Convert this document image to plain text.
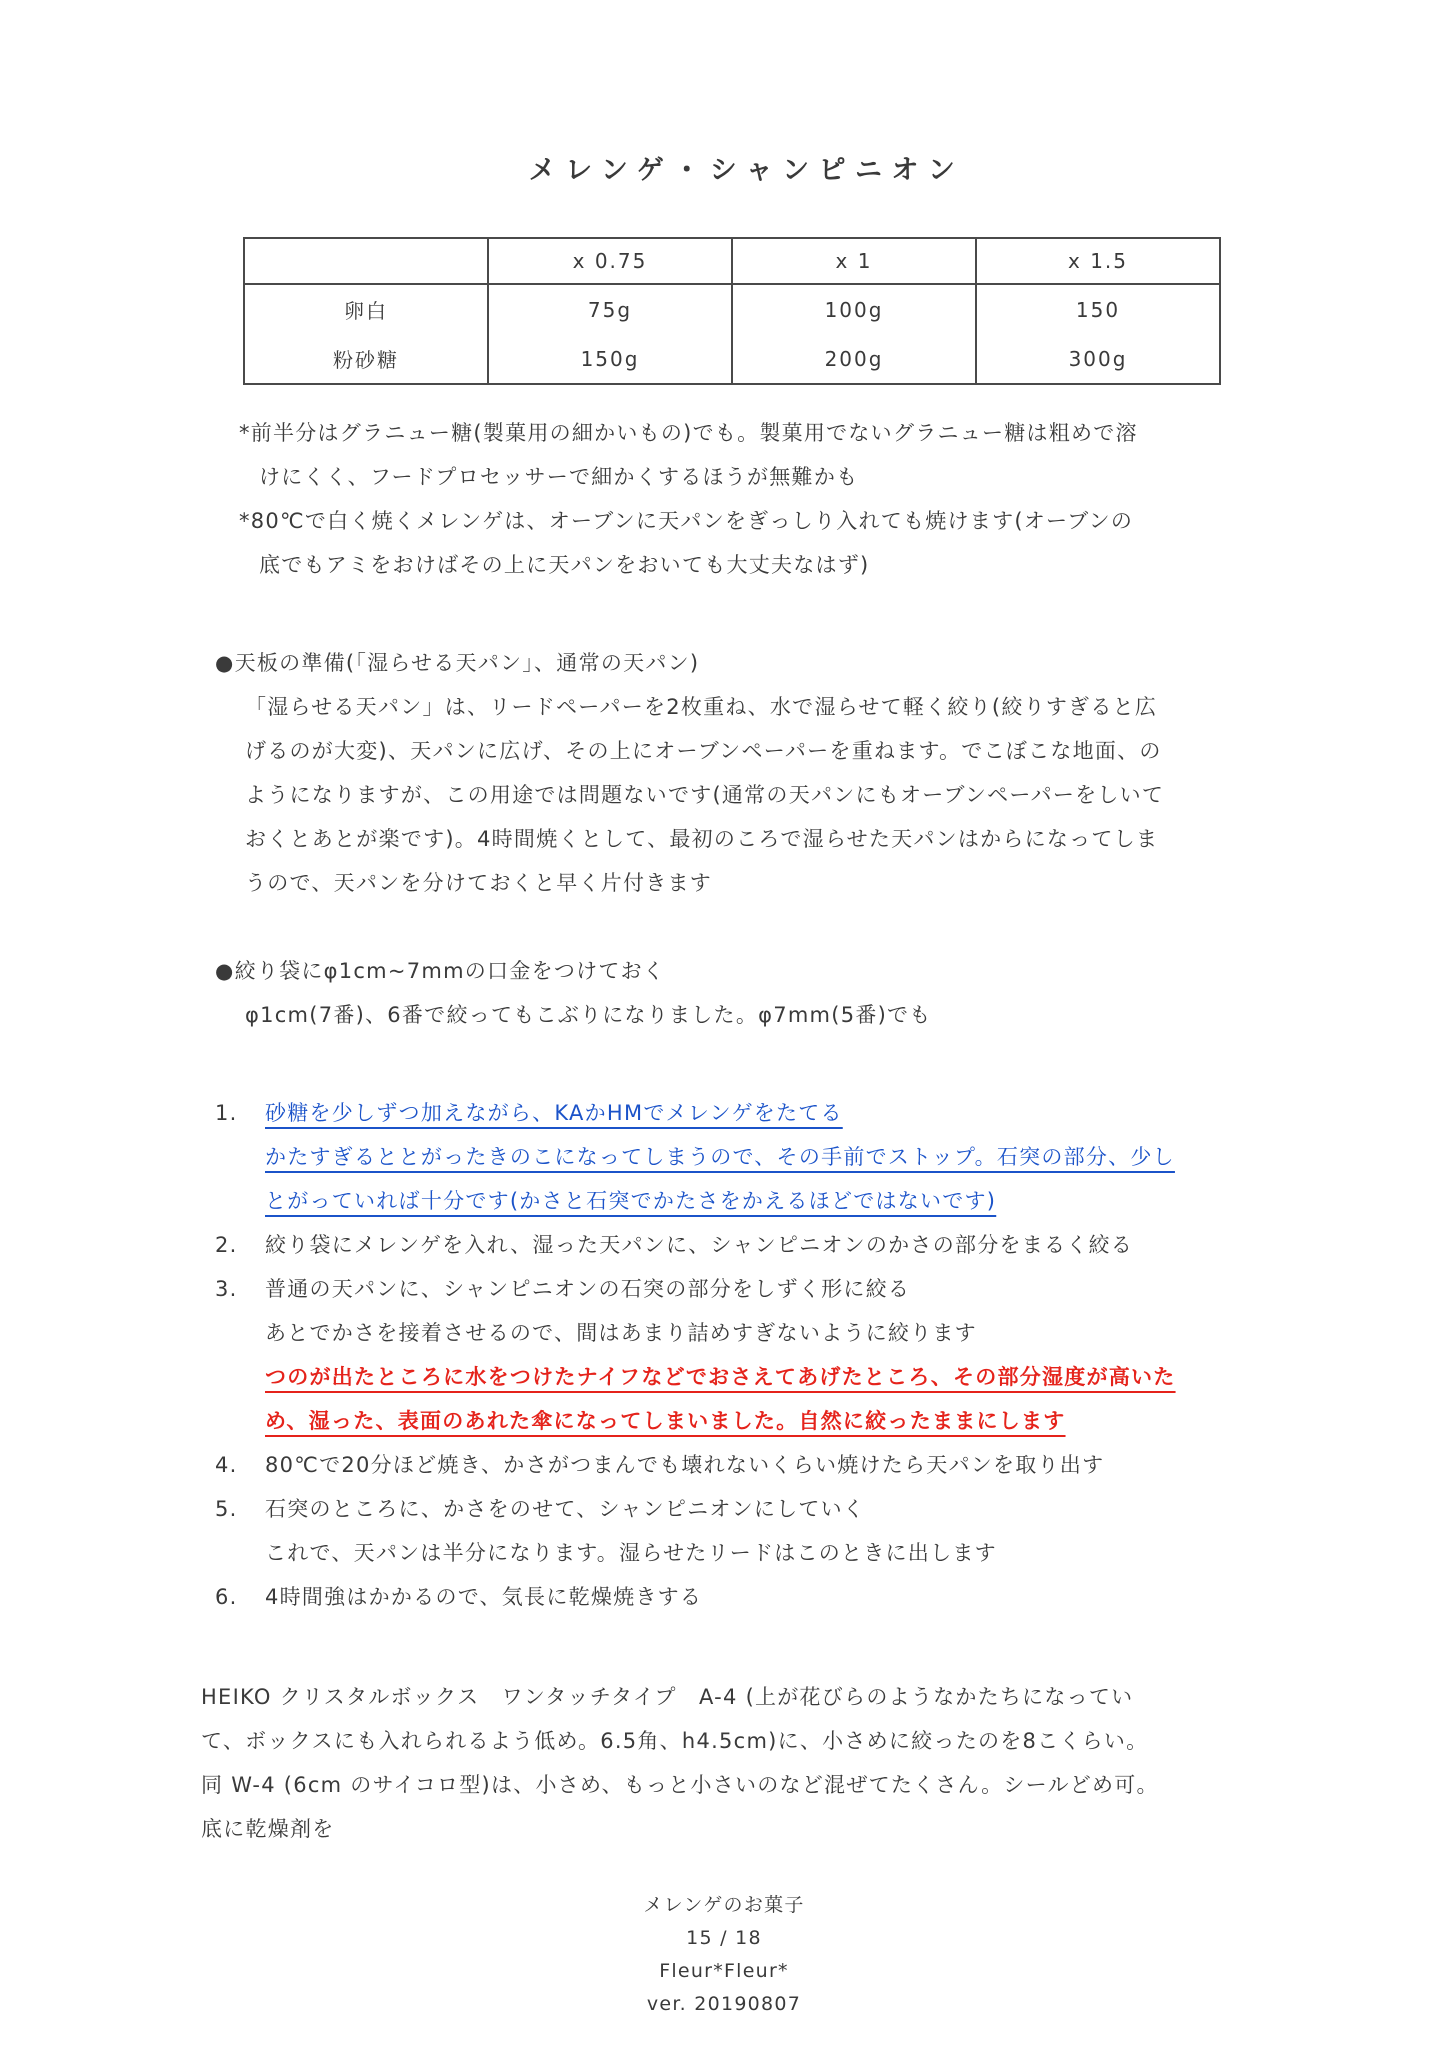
メレンゲ・シャンピニオン
	x 0.75	x 1	x 1.5
卵白	75g	100g	150
粉砂糖	150g	200g	300g
*前半分はグラニュー糖(製菓用の細かいもの)でも。製菓用でないグラニュー糖は粗めで溶
けにくく、フードプロセッサーで細かくするほうが無難かも
*80℃で白く焼くメレンゲは、オーブンに天パンをぎっしり入れても焼けます(オーブンの
底でもアミをおけばその上に天パンをおいても大丈夫なはず)
●天板の準備(「湿らせる天パン」、通常の天パン)
「湿らせる天パン」は、リードペーパーを2枚重ね、水で湿らせて軽く絞り(絞りすぎると広
げるのが大変)、天パンに広げ、その上にオーブンペーパーを重ねます。でこぼこな地面、の
ようになりますが、この用途では問題ないです(通常の天パンにもオーブンペーパーをしいて
おくとあとが楽です)。4時間焼くとして、最初のころで湿らせた天パンはからになってしま
うので、天パンを分けておくと早く片付きます
●絞り袋にφ1cm~7mmの口金をつけておく
φ1cm(7番)、6番で絞ってもこぶりになりました。φ7mm(5番)でも
1.	砂糖を少しずつ加えながら、KAかHMでメレンゲをたてる
かたすぎるととがったきのこになってしまうので、その手前でストップ。石突の部分、少し
とがっていれば十分です(かさと石突でかたさをかえるほどではないです)
2.	絞り袋にメレンゲを入れ、湿った天パンに、シャンピニオンのかさの部分をまるく絞る
3.	普通の天パンに、シャンピニオンの石突の部分をしずく形に絞る
あとでかさを接着させるので、間はあまり詰めすぎないように絞ります
つのが出たところに水をつけたナイフなどでおさえてあげたところ、その部分湿度が高いた
め、湿った、表面のあれた傘になってしまいました。自然に絞ったままにします
4.	80℃で20分ほど焼き、かさがつまんでも壊れないくらい焼けたら天パンを取り出す
5.	石突のところに、かさをのせて、シャンピニオンにしていく
これで、天パンは半分になります。湿らせたリードはこのときに出します
6.	4時間強はかかるので、気長に乾燥焼きする
HEIKO クリスタルボックス　ワンタッチタイプ　A-4 (上が花びらのようなかたちになってい
て、ボックスにも入れられるよう低め。6.5角、h4.5cm)に、小さめに絞ったのを8こくらい。
同 W-4 (6cm のサイコロ型)は、小さめ、もっと小さいのなど混ぜてたくさん。シールどめ可。
底に乾燥剤を
メレンゲのお菓子
15 / 18
Fleur*Fleur*
ver. 20190807
